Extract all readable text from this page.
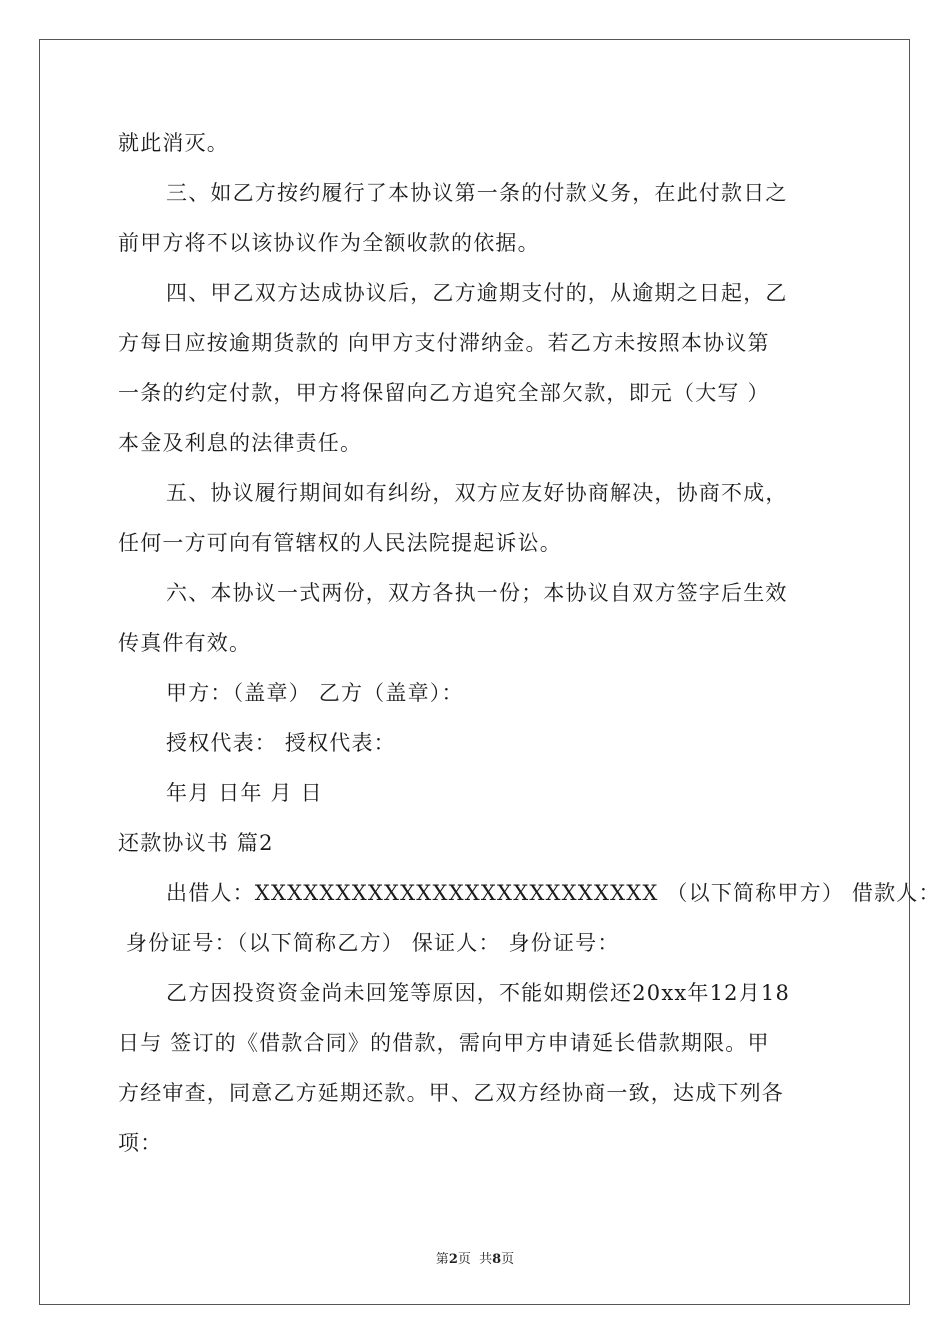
就此消灭。
三、如乙方按约履行了本协议第一条的付款义务，在此付款日之
前甲方将不以该协议作为全额收款的依据。
四、甲乙双方达成协议后，乙方逾期支付的，从逾期之日起，乙
方每日应按逾期货款的 向甲方支付滞纳金。若乙方未按照本协议第
一条的约定付款，甲方将保留向乙方追究全部欠款，即元（大写 ）
本金及利息的法律责任。
五、协议履行期间如有纠纷，双方应友好协商解决，协商不成，
任何一方可向有管辖权的人民法院提起诉讼。
六、本协议一式两份，双方各执一份；本协议自双方签字后生效
传真件有效。
甲方：（盖章） 乙方（盖章）：
授权代表： 授权代表：
年月 日年 月 日
还款协议书 篇2
出借人：XXXXXXXXXXXXXXXXXXXXXXXXX （以下简称甲方） 借款人：
身份证号：（以下简称乙方） 保证人： 身份证号：
乙方因投资资金尚未回笼等原因，不能如期偿还20xx年12月18
日与 签订的《借款合同》的借款，需向甲方申请延长借款期限。甲
方经审查，同意乙方延期还款。甲、乙双方经协商一致，达成下列各
项：
第2页  共8页
